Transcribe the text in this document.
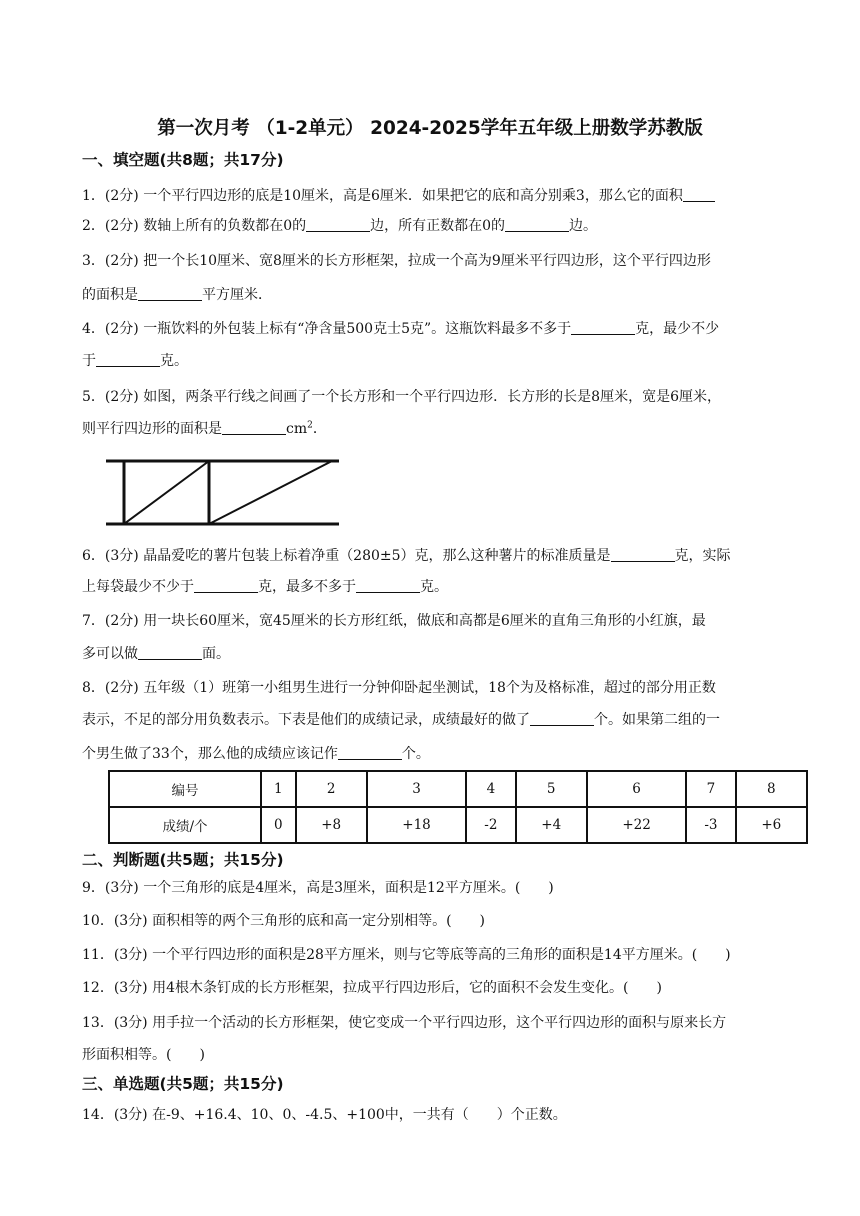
第一次月考 （1-2单元） 2024-2025学年五年级上册数学苏教版
一、填空题(共8题；共17分)
1．(2分) 一个平行四边形的底是10厘米，高是6厘米．如果把它的底和高分别乘3，那么它的面积
2．(2分) 数轴上所有的负数都在0的	边，所有正数都在0的	边。
3．(2分) 把一个长10厘米、宽8厘米的长方形框架，拉成一个高为9厘米平行四边形，这个平行四边形
的面积是	平方厘米．
4．(2分) 一瓶饮料的外包装上标有“净含量500克士5克”。这瓶饮料最多不多于	克，最少不少
于	克。
5．(2分) 如图，两条平行线之间画了一个长方形和一个平行四边形．长方形的长是8厘米，宽是6厘米，
则平行四边形的面积是	$cm^2$．
6．(3分) 晶晶爱吃的薯片包装上标着净重（280±5）克，那么这种薯片的标准质量是	克，实际
上每袋最少不少于	克，最多不多于	克。
7．(2分) 用一块长60厘米，宽45厘米的长方形红纸，做底和高都是6厘米的直角三角形的小红旗，最
多可以做	面。
8．(2分) 五年级（1）班第一小组男生进行一分钟仰卧起坐测试，18个为及格标准，超过的部分用正数
表示，不足的部分用负数表示。下表是他们的成绩记录，成绩最好的做了	个。如果第二组的一
个男生做了33个，那么他的成绩应该记作	个。
编号	1	2	3	4	5	6	7	8
成绩/个	0	+8	+18	-2	+4	+22	-3	+6
二、判断题(共5题；共15分)
9．(3分) 一个三角形的底是4厘米，高是3厘米，面积是12平方厘米。(　　)
10．(3分) 面积相等的两个三角形的底和高一定分别相等。(　　)
11．(3分) 一个平行四边形的面积是28平方厘米，则与它等底等高的三角形的面积是14平方厘米。(　　)
12．(3分) 用4根木条钉成的长方形框架，拉成平行四边形后，它的面积不会发生变化。(　　)
13．(3分) 用手拉一个活动的长方形框架，使它变成一个平行四边形，这个平行四边形的面积与原来长方
形面积相等。(　　)
三、单选题(共5题；共15分)
14．(3分) 在-9、+16.4、10、0、-4.5、+100中，一共有（　　）个正数。
